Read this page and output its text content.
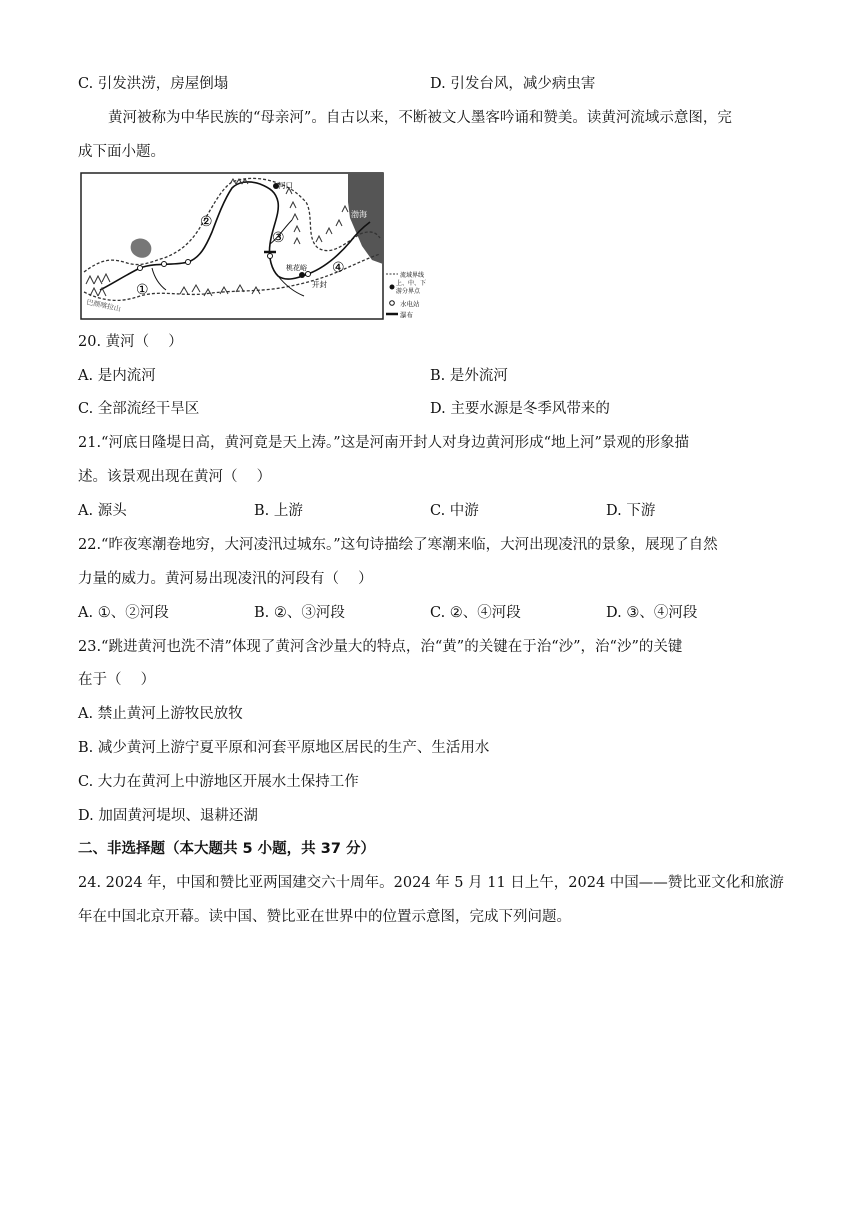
C. 引发洪涝，房屋倒塌	D. 引发台风，减少病虫害
黄河被称为中华民族的“母亲河”。自古以来，不断被文人墨客吟诵和赞美。读黄河流域示意图，完
成下面小题。
渤海
河口
桃花峪
开封
巴颜喀拉山
①
②
③
④	流域界线
上、中、下
游分界点
水电站
瀑布
20. 黄河（　 ）
A. 是内流河	B. 是外流河
C. 全部流经干旱区	D. 主要水源是冬季风带来的
21.“河底日隆堤日高，黄河竟是天上涛。”这是河南开封人对身边黄河形成“地上河”景观的形象描
述。该景观出现在黄河（　 ）
A. 源头	B. 上游	C. 中游	D. 下游
22.“昨夜寒潮卷地穷，大河凌汛过城东。”这句诗描绘了寒潮来临，大河出现凌汛的景象，展现了自然
力量的威力。黄河易出现凌汛的河段有（　 ）
A. ①、②河段	B. ②、③河段	C. ②、④河段	D. ③、④河段
23.“跳进黄河也洗不清”体现了黄河含沙量大的特点，治“黄”的关键在于治“沙”，治“沙”的关键
在于（　 ）
A. 禁止黄河上游牧民放牧
B. 减少黄河上游宁夏平原和河套平原地区居民的生产、生活用水
C. 大力在黄河上中游地区开展水土保持工作
D. 加固黄河堤坝、退耕还湖
二、非选择题（本大题共 5 小题，共 37 分）
24. 2024 年，中国和赞比亚两国建交六十周年。2024 年 5 月 11 日上午，2024 中国——赞比亚文化和旅游
年在中国北京开幕。读中国、赞比亚在世界中的位置示意图，完成下列问题。
